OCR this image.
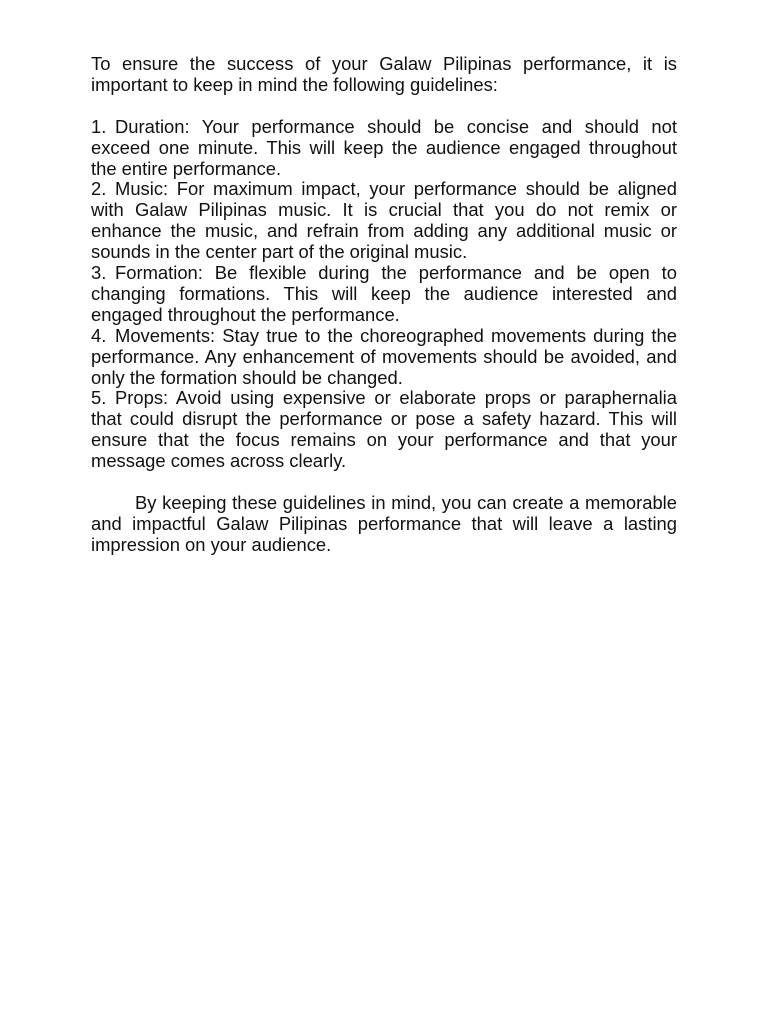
To ensure the success of your Galaw Pilipinas performance, it is important to keep in mind the following guidelines:

1. Duration: Your performance should be concise and should not exceed one minute. This will keep the audience engaged throughout the entire performance.
2. Music: For maximum impact, your performance should be aligned with Galaw Pilipinas music. It is crucial that you do not remix or enhance the music, and refrain from adding any additional music or sounds in the center part of the original music.
3. Formation: Be flexible during the performance and be open to changing formations. This will keep the audience interested and engaged throughout the performance.
4. Movements: Stay true to the choreographed movements during the performance. Any enhancement of movements should be avoided, and only the formation should be changed.
5. Props: Avoid using expensive or elaborate props or paraphernalia that could disrupt the performance or pose a safety hazard. This will ensure that the focus remains on your performance and that your message comes across clearly.

By keeping these guidelines in mind, you can create a memorable and impactful Galaw Pilipinas performance that will leave a lasting impression on your audience.
